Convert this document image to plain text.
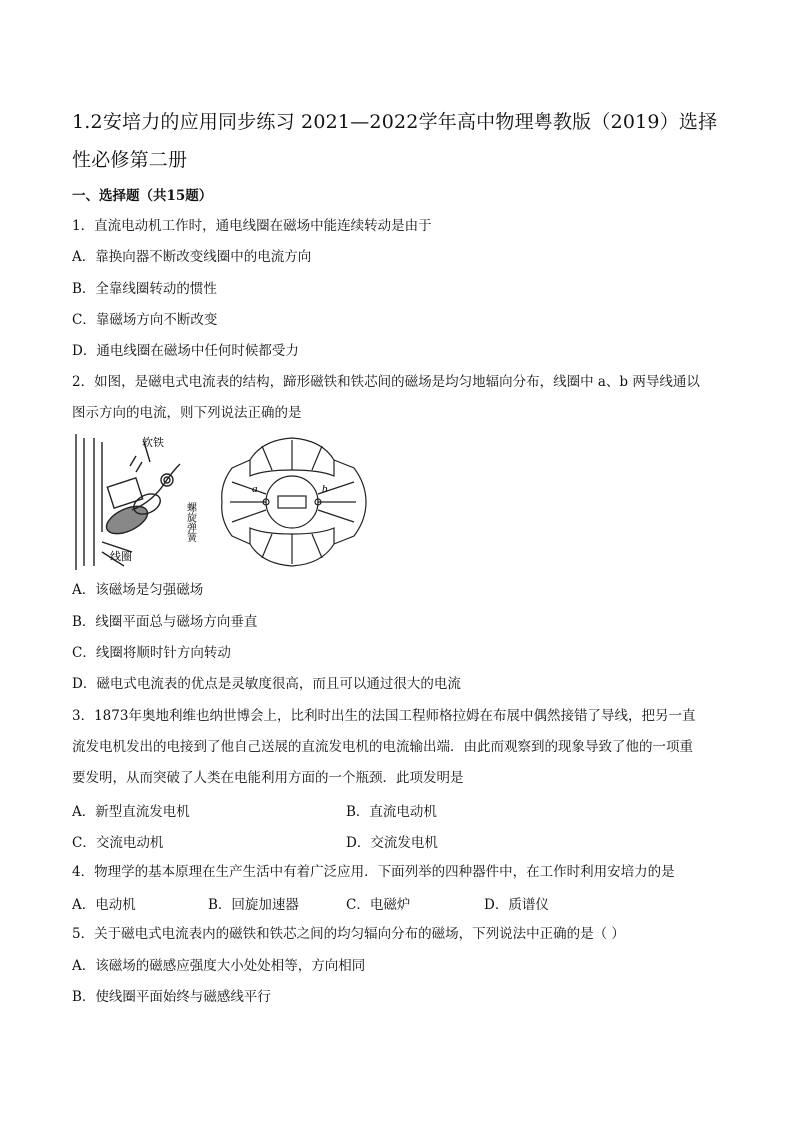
1.2安培力的应用同步练习 2021—2022学年高中物理粤教版（2019）选择性必修第二册
一、选择题（共15题）
1．直流电动机工作时，通电线圈在磁场中能连续转动是由于
A．靠换向器不断改变线圈中的电流方向
B．全靠线圈转动的惯性
C．靠磁场方向不断改变
D．通电线圈在磁场中任何时候都受力
2．如图，是磁电式电流表的结构，蹄形磁铁和铁芯间的磁场是均匀地辐向分布，线圈中 a、b 两导线通以
图示方向的电流，则下列说法正确的是
软铁
螺旋弹簧
线圈
a	b
A．该磁场是匀强磁场
B．线圈平面总与磁场方向垂直
C．线圈将顺时针方向转动
D．磁电式电流表的优点是灵敏度很高，而且可以通过很大的电流
3．1873年奥地利维也纳世博会上，比利时出生的法国工程师格拉姆在布展中偶然接错了导线，把另一直
流发电机发出的电接到了他自己送展的直流发电机的电流输出端．由此而观察到的现象导致了他的一项重
要发明，从而突破了人类在电能利用方面的一个瓶颈．此项发明是
A．新型直流发电机	B．直流电动机
C．交流电动机	D．交流发电机
4．物理学的基本原理在生产生活中有着广泛应用．下面列举的四种器件中，在工作时利用安培力的是
A．电动机	B．回旋加速器	C．电磁炉	D．质谱仪
5．关于磁电式电流表内的磁铁和铁芯之间的均匀辐向分布的磁场，下列说法中正确的是（ ）
A．该磁场的磁感应强度大小处处相等，方向相同
B．使线圈平面始终与磁感线平行
